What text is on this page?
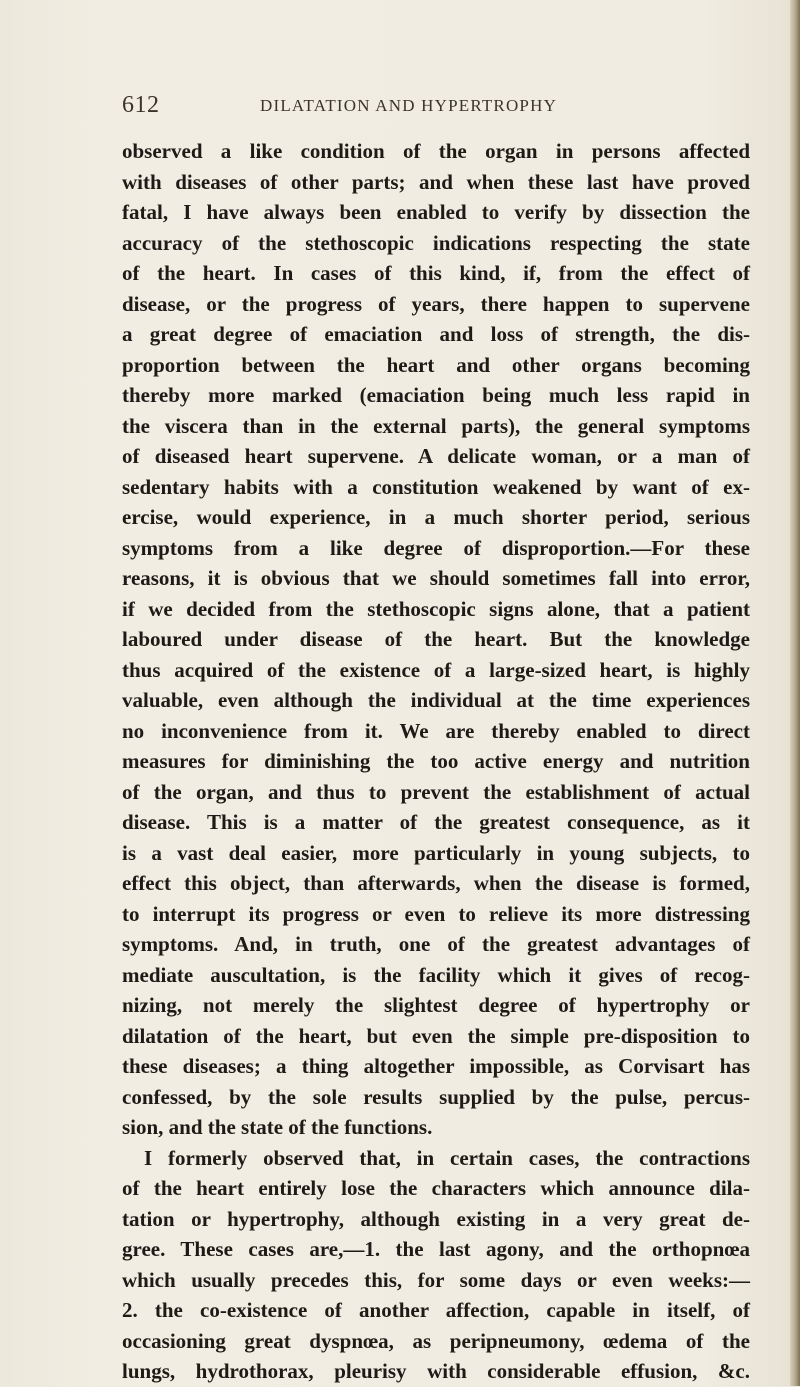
612	DILATATION AND HYPERTROPHY
observed a like condition of the organ in persons affected
with diseases of other parts; and when these last have proved
fatal, I have always been enabled to verify by dissection the
accuracy of the stethoscopic indications respecting the state
of the heart. In cases of this kind, if, from the effect of
disease, or the progress of years, there happen to supervene
a great degree of emaciation and loss of strength, the dis-
proportion between the heart and other organs becoming
thereby more marked (emaciation being much less rapid in
the viscera than in the external parts), the general symptoms
of diseased heart supervene. A delicate woman, or a man of
sedentary habits with a constitution weakened by want of ex-
ercise, would experience, in a much shorter period, serious
symptoms from a like degree of disproportion.—For these
reasons, it is obvious that we should sometimes fall into error,
if we decided from the stethoscopic signs alone, that a patient
laboured under disease of the heart. But the knowledge
thus acquired of the existence of a large-sized heart, is highly
valuable, even although the individual at the time experiences
no inconvenience from it. We are thereby enabled to direct
measures for diminishing the too active energy and nutrition
of the organ, and thus to prevent the establishment of actual
disease. This is a matter of the greatest consequence, as it
is a vast deal easier, more particularly in young subjects, to
effect this object, than afterwards, when the disease is formed,
to interrupt its progress or even to relieve its more distressing
symptoms. And, in truth, one of the greatest advantages of
mediate auscultation, is the facility which it gives of recog-
nizing, not merely the slightest degree of hypertrophy or
dilatation of the heart, but even the simple pre-disposition to
these diseases; a thing altogether impossible, as Corvisart has
confessed, by the sole results supplied by the pulse, percus-
sion, and the state of the functions.
I formerly observed that, in certain cases, the contractions
of the heart entirely lose the characters which announce dila-
tation or hypertrophy, although existing in a very great de-
gree. These cases are,—1. the last agony, and the orthopnœa
which usually precedes this, for some days or even weeks:—
2. the co-existence of another affection, capable in itself, of
occasioning great dyspnœa, as peripneumony, œdema of the
lungs, hydrothorax, pleurisy with considerable effusion, &c.
